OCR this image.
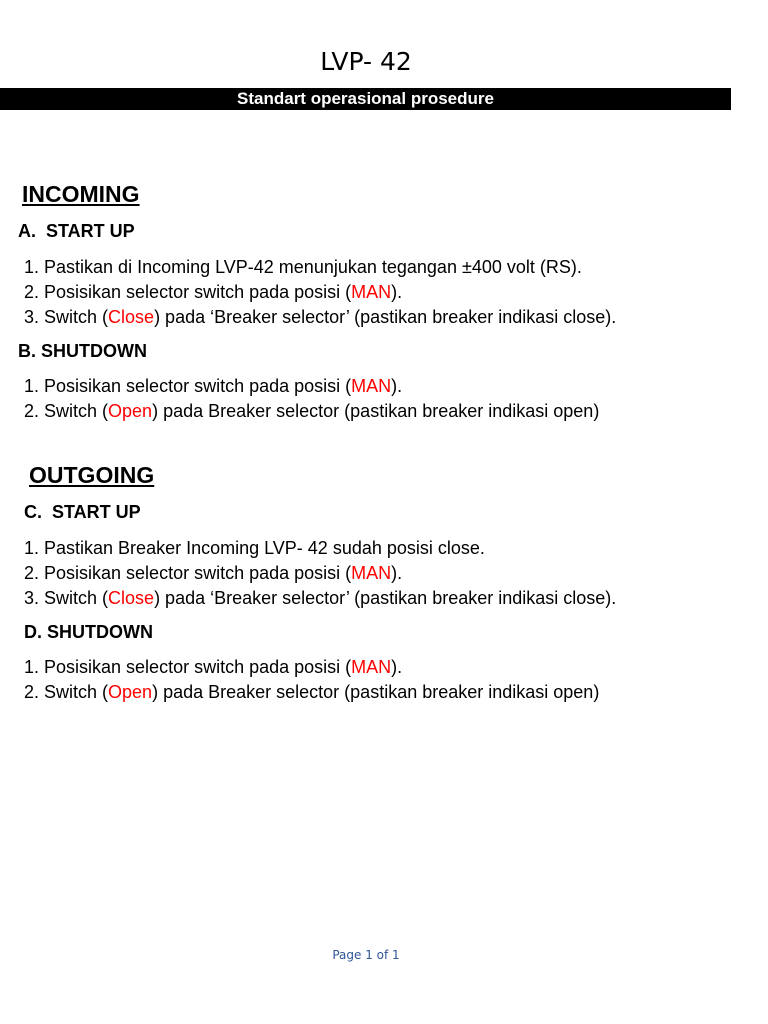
LVP- 42
Standart operasional prosedure
INCOMING
A.  START UP

1. Pastikan di Incoming LVP-42 menunjukan tegangan ±400 volt (RS).

2. Posisikan selector switch pada posisi (MAN).

3. Switch (Close) pada ‘Breaker selector’ (pastikan breaker indikasi close).

B. SHUTDOWN

1. Posisikan selector switch pada posisi (MAN).

2. Switch (Open) pada Breaker selector (pastikan breaker indikasi open)

OUTGOING
C.  START UP

1. Pastikan Breaker Incoming LVP- 42 sudah posisi close.

2. Posisikan selector switch pada posisi (MAN).

3. Switch (Close) pada ‘Breaker selector’ (pastikan breaker indikasi close).

D. SHUTDOWN

1. Posisikan selector switch pada posisi (MAN).

2. Switch (Open) pada Breaker selector (pastikan breaker indikasi open)

Page 1 of 1
